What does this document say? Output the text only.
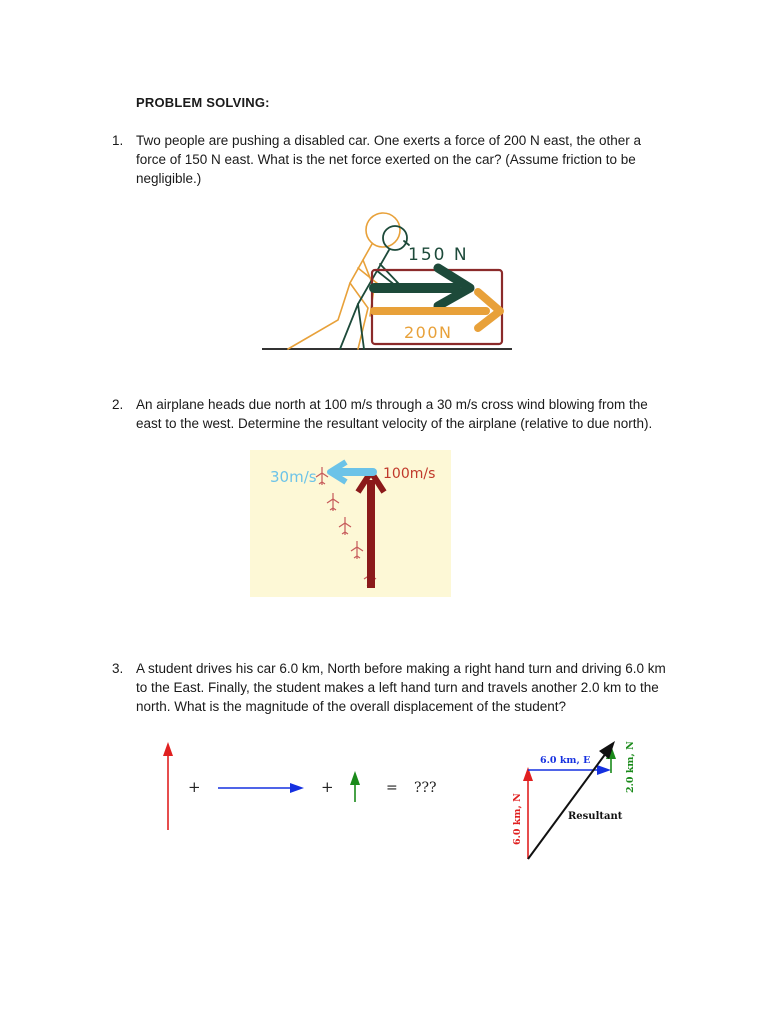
PROBLEM SOLVING:
1. Two people are pushing a disabled car. One exerts a force of 200 N east, the other a force of 150 N east. What is the net force exerted on the car? (Assume friction to be negligible.)
150 N
200N
2. An airplane heads due north at 100 m/s through a 30 m/s cross wind blowing from the east to the west. Determine the resultant velocity of the airplane (relative to due north).
30m/s	100m/s
3. A student drives his car 6.0 km, North before making a right hand turn and driving 6.0 km to the East. Finally, the student makes a left hand turn and travels another 2.0 km to the north. What is the magnitude of the overall displacement of the student?
+	+	= ???
6.0 km, E	2.0 km, N
6.0 km, N	Resultant
